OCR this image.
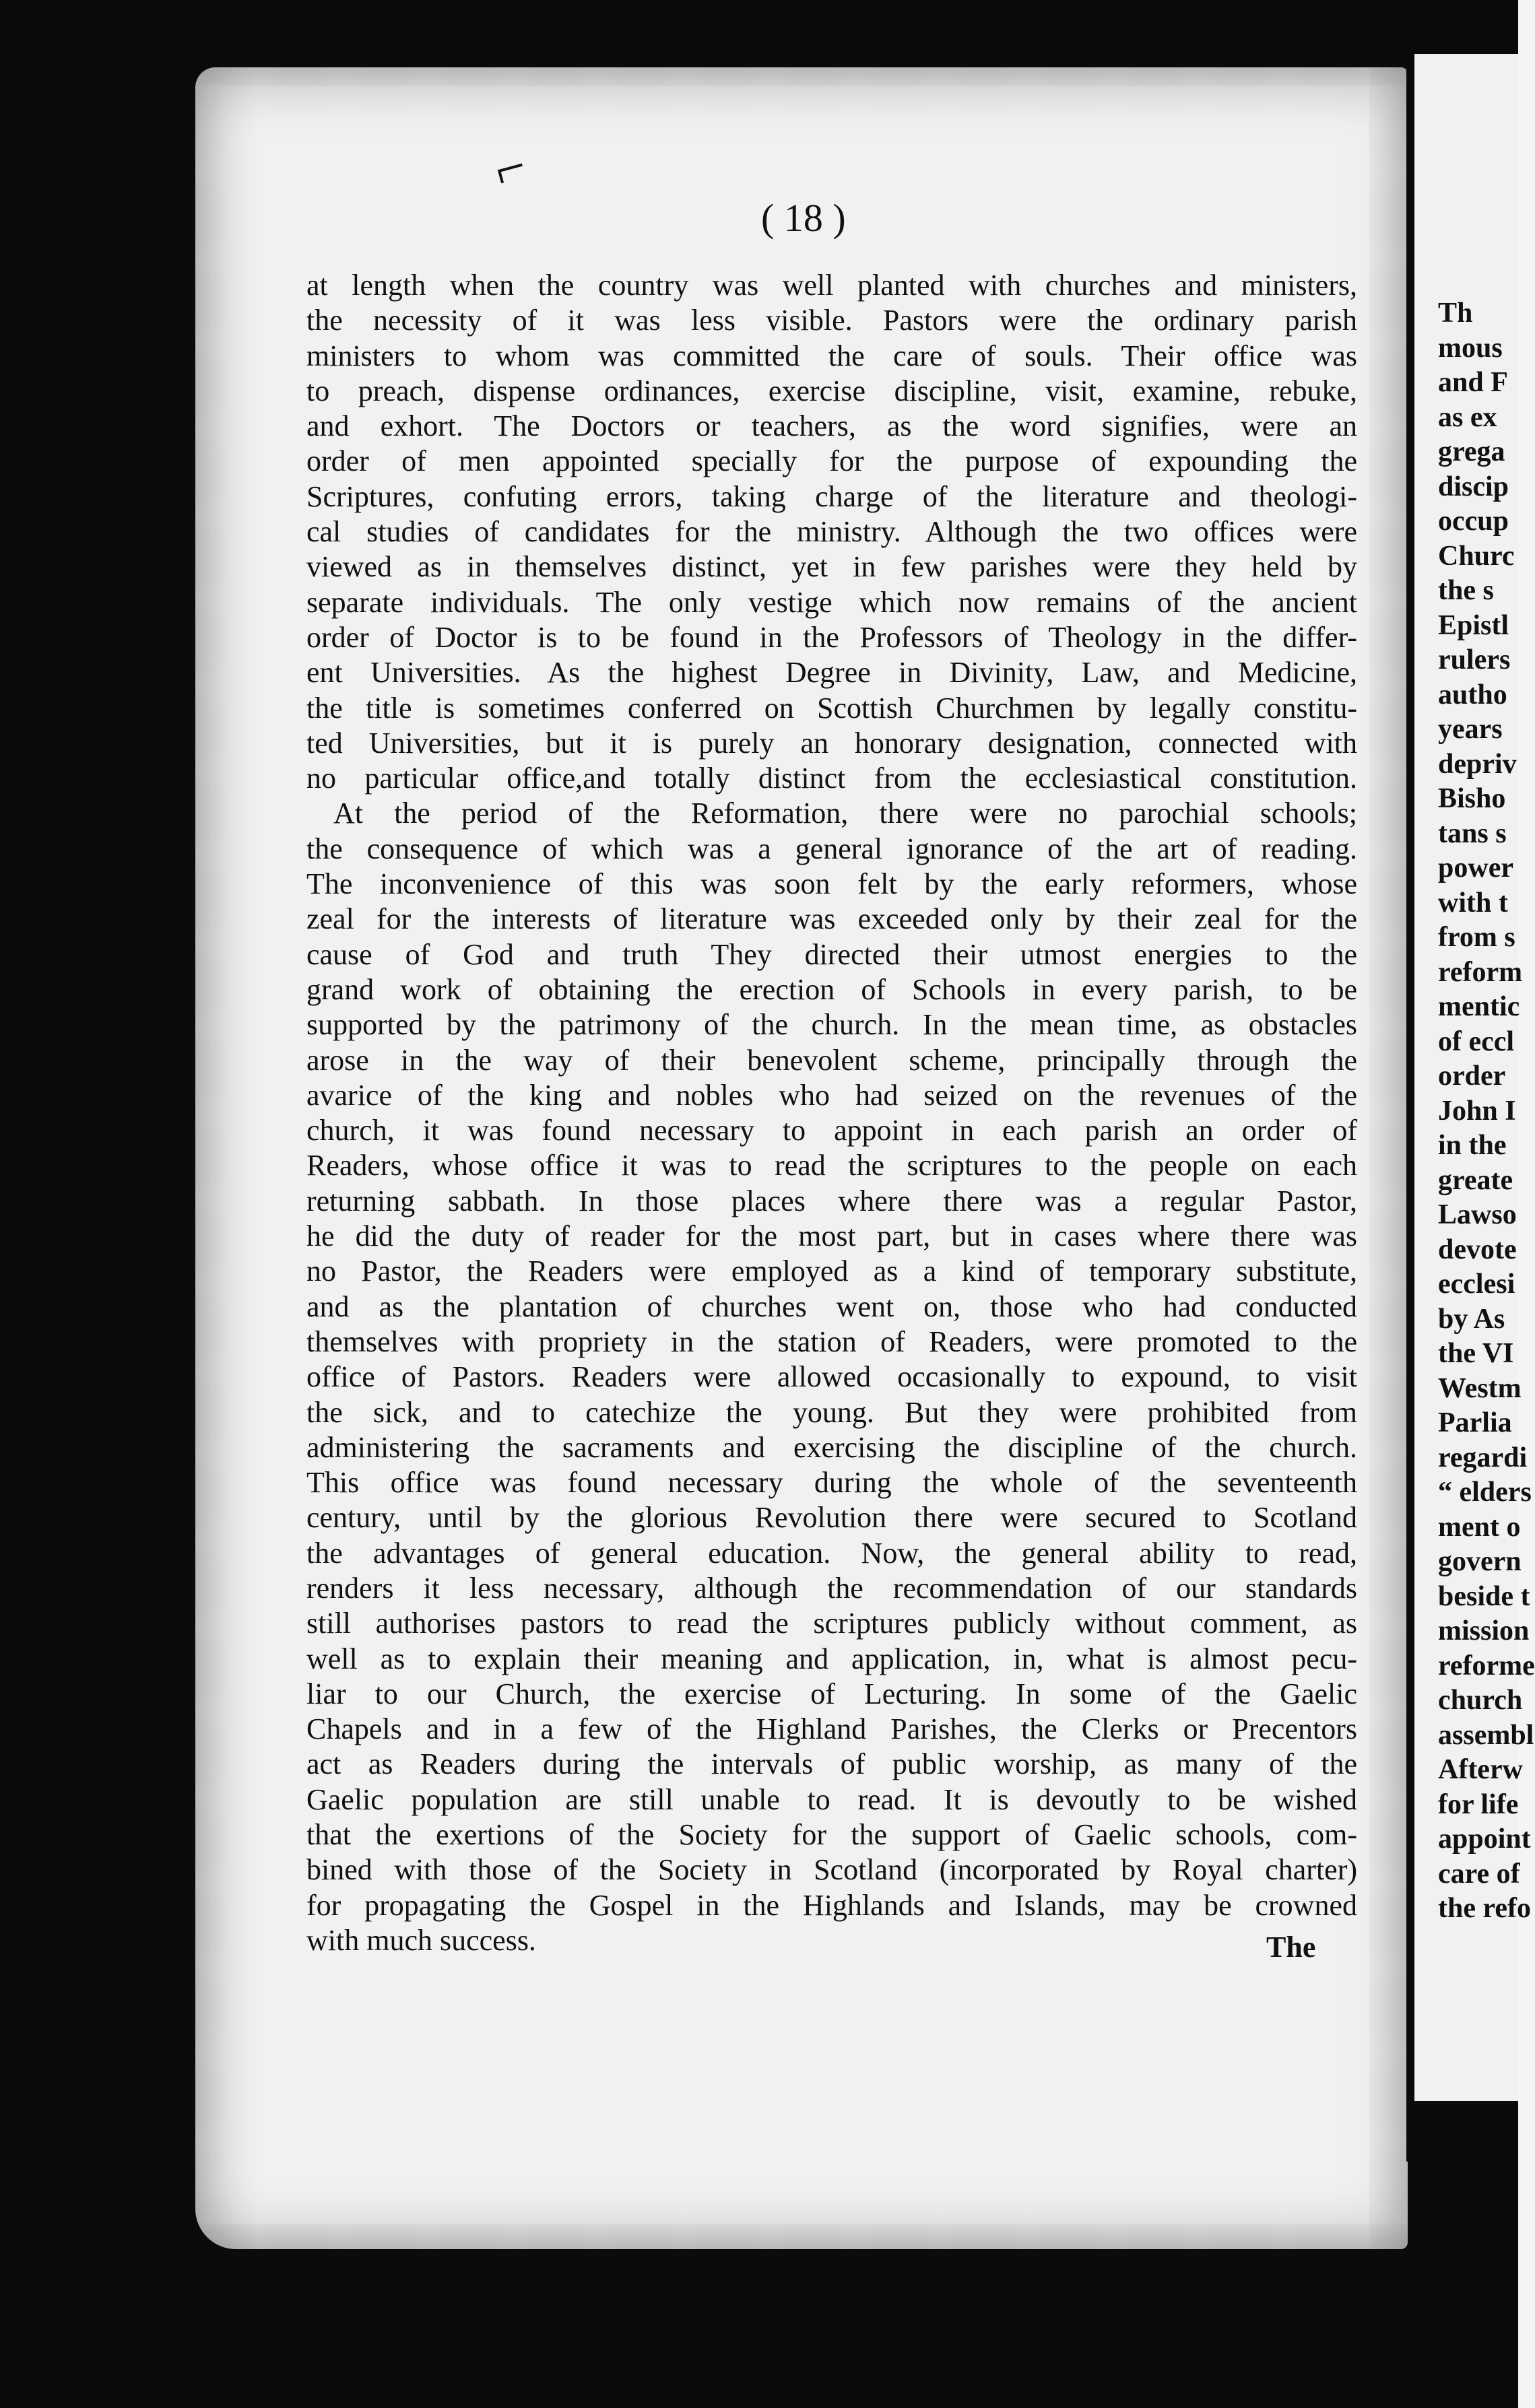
⌐
( 18 )
at length when the country was well planted with churches and ministers,
the necessity of it was less visible. Pastors were the ordinary parish
ministers to whom was committed the care of souls. Their office was
to preach, dispense ordinances, exercise discipline, visit, examine, rebuke,
and exhort. The Doctors or teachers, as the word signifies, were an
order of men appointed specially for the purpose of expounding the
Scriptures, confuting errors, taking charge of the literature and theologi-
cal studies of candidates for the ministry. Although the two offices were
viewed as in themselves distinct, yet in few parishes were they held by
separate individuals. The only vestige which now remains of the ancient
order of Doctor is to be found in the Professors of Theology in the differ-
ent Universities. As the highest Degree in Divinity, Law, and Medicine,
the title is sometimes conferred on Scottish Churchmen by legally constitu-
ted Universities, but it is purely an honorary designation, connected with
no particular office,and totally distinct from the ecclesiastical constitution.
At the period of the Reformation, there were no parochial schools;
the consequence of which was a general ignorance of the art of reading.
The inconvenience of this was soon felt by the early reformers, whose
zeal for the interests of literature was exceeded only by their zeal for the
cause of God and truth They directed their utmost energies to the
grand work of obtaining the erection of Schools in every parish, to be
supported by the patrimony of the church. In the mean time, as obstacles
arose in the way of their benevolent scheme, principally through the
avarice of the king and nobles who had seized on the revenues of the
church, it was found necessary to appoint in each parish an order of
Readers, whose office it was to read the scriptures to the people on each
returning sabbath. In those places where there was a regular Pastor,
he did the duty of reader for the most part, but in cases where there was
no Pastor, the Readers were employed as a kind of temporary substitute,
and as the plantation of churches went on, those who had conducted
themselves with propriety in the station of Readers, were promoted to the
office of Pastors. Readers were allowed occasionally to expound, to visit
the sick, and to catechize the young. But they were prohibited from
administering the sacraments and exercising the discipline of the church.
This office was found necessary during the whole of the seventeenth
century, until by the glorious Revolution there were secured to Scotland
the advantages of general education. Now, the general ability to read,
renders it less necessary, although the recommendation of our standards
still authorises pastors to read the scriptures publicly without comment, as
well as to explain their meaning and application, in, what is almost pecu-
liar to our Church, the exercise of Lecturing. In some of the Gaelic
Chapels and in a few of the Highland Parishes, the Clerks or Precentors
act as Readers during the intervals of public worship, as many of the
Gaelic population are still unable to read. It is devoutly to be wished
that the exertions of the Society for the support of Gaelic schools, com-
bined with those of the Society in Scotland (incorporated by Royal charter)
for propagating the Gospel in the Highlands and Islands, may be crowned
with much success.
Th
mous
and F
as ex
grega
discip
occup
Churc
the s
Epistl
rulers
autho
years
depriv
Bisho
tans s
power
with t
from s
reform
mentic
of eccl
order
John I
in the
greate
Lawso
devote
ecclesi
by As
the VI
Westm
Parlia
regardi
“ elders
ment o
govern
beside t
mission
reforme
church
assembl
Afterw
for life
appoint
care of
the refo
The
